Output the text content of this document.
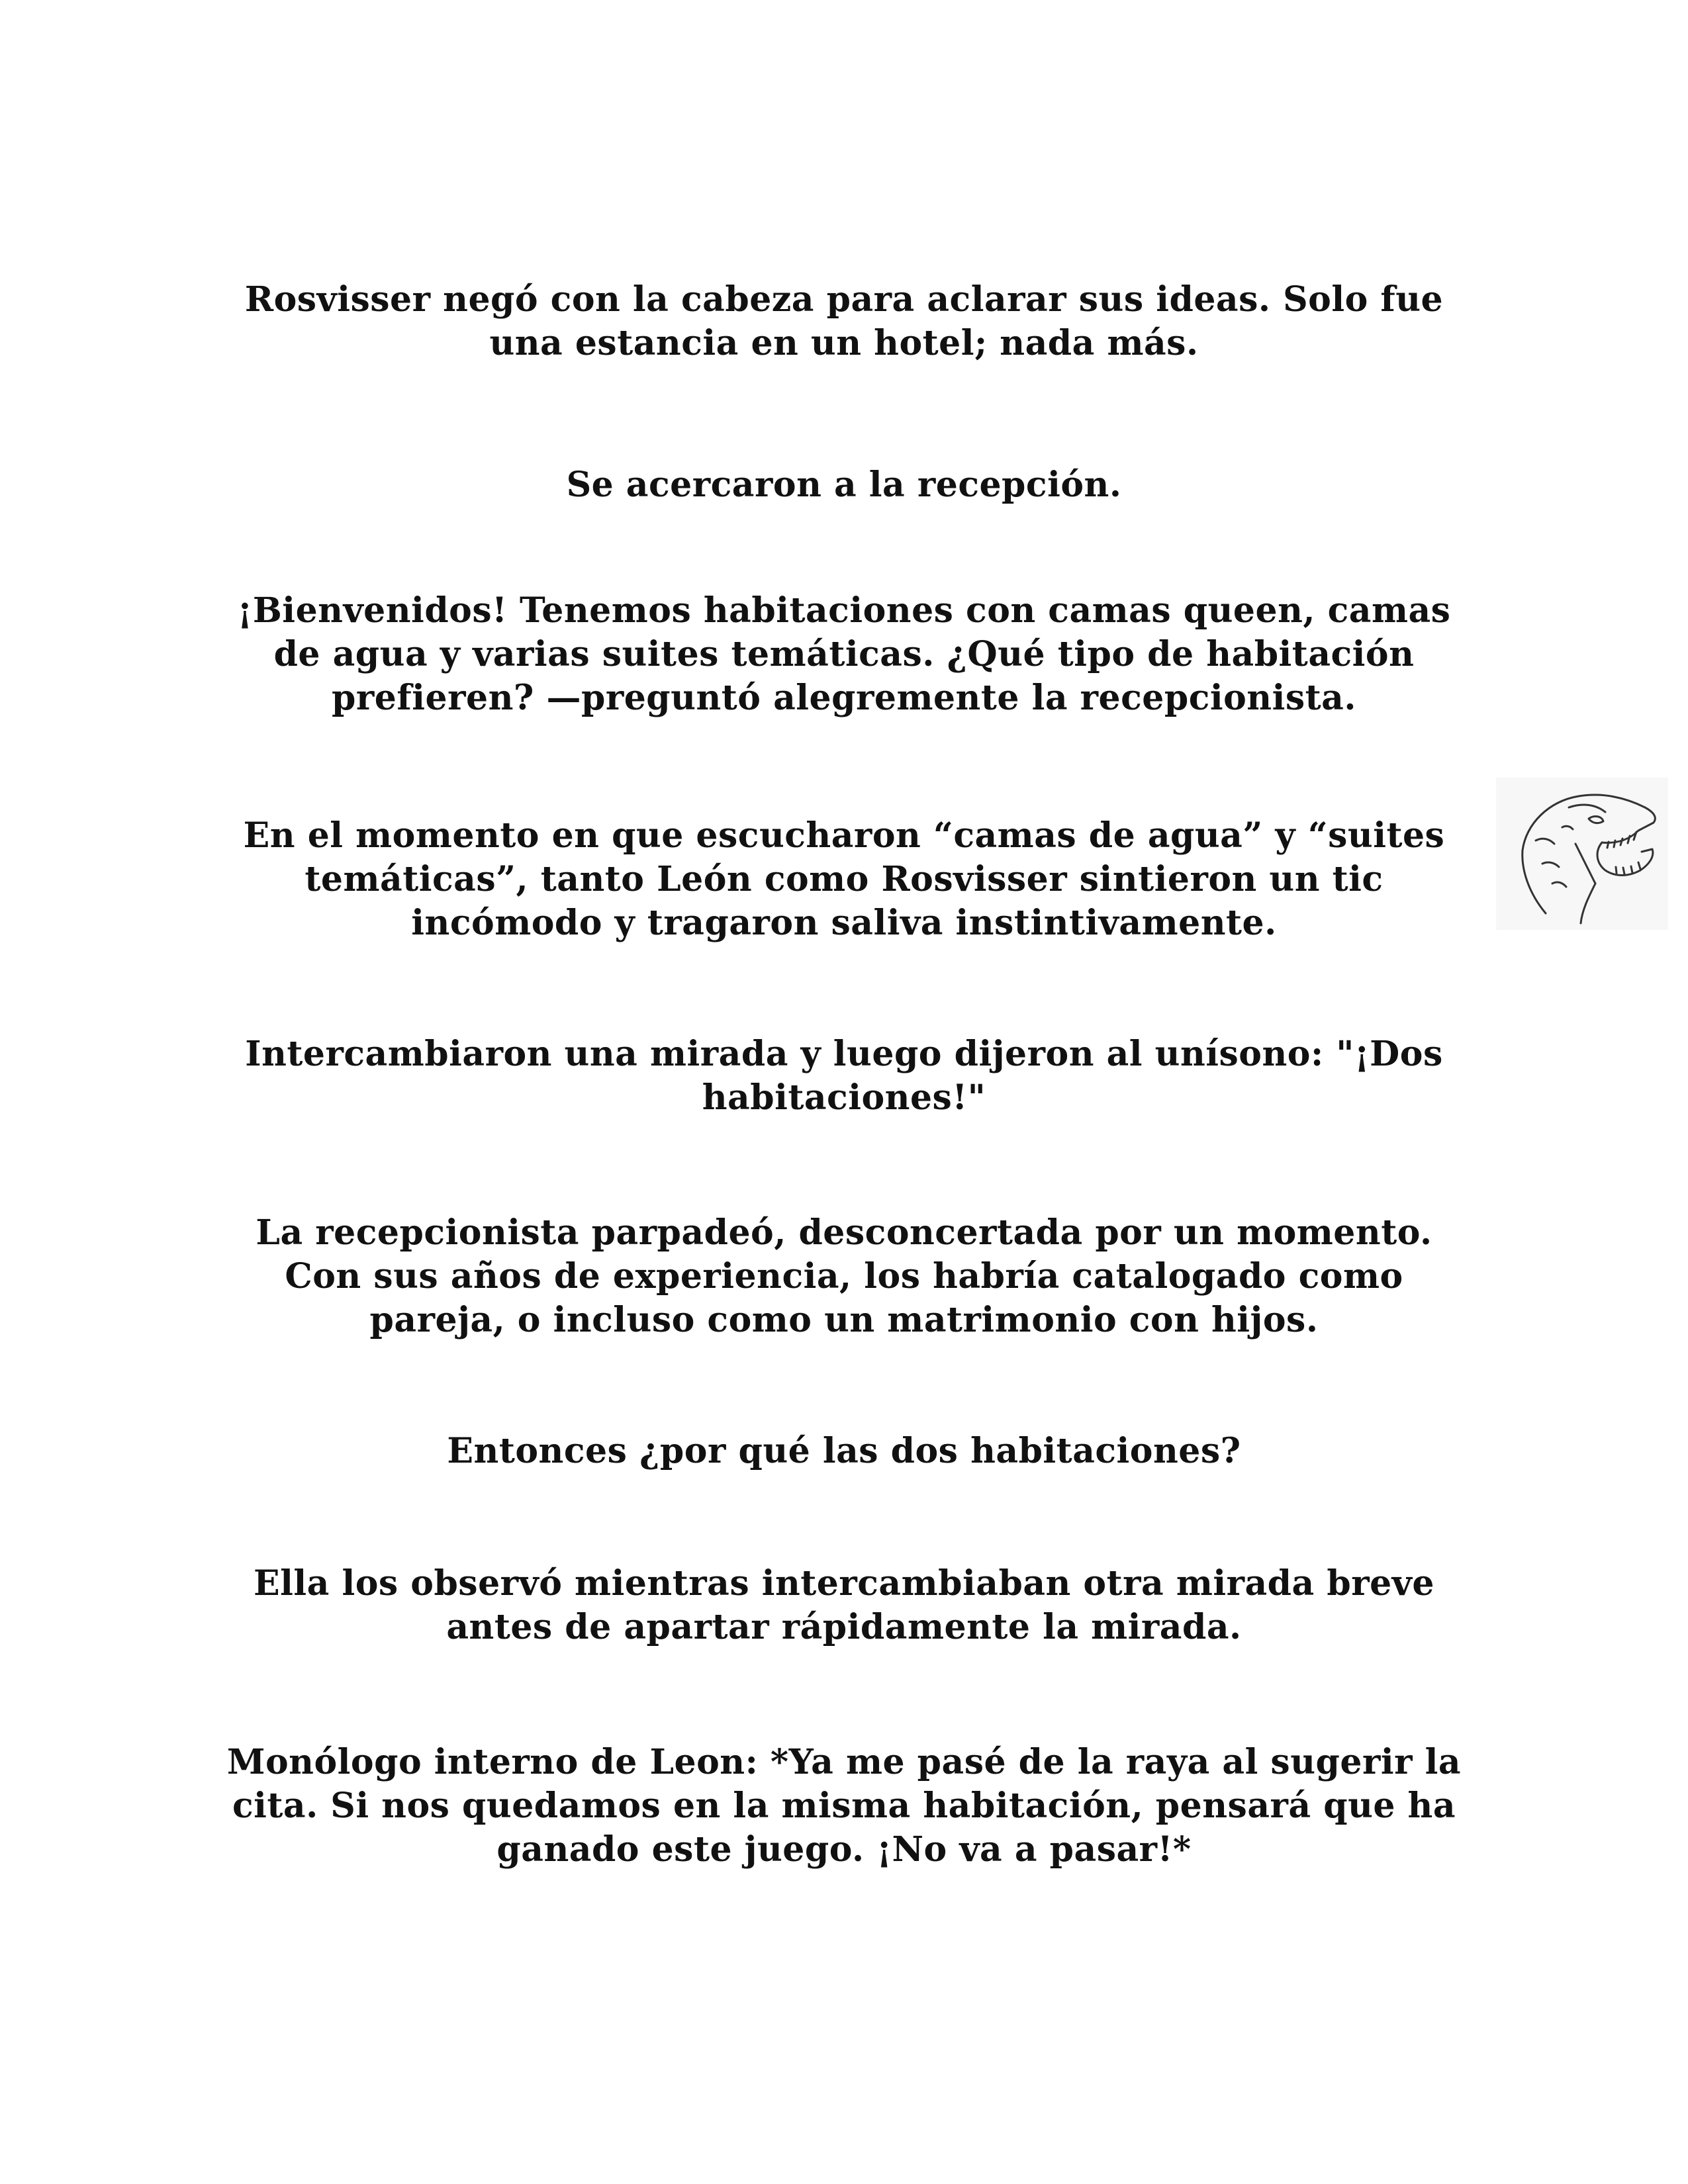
Rosvisser negó con la cabeza para aclarar sus ideas. Solo fue
una estancia en un hotel; nada más.

Se acercaron a la recepción.

¡Bienvenidos! Tenemos habitaciones con camas queen, camas
de agua y varias suites temáticas. ¿Qué tipo de habitación
prefieren? —preguntó alegremente la recepcionista.

En el momento en que escucharon “camas de agua” y “suites
temáticas”, tanto León como Rosvisser sintieron un tic
incómodo y tragaron saliva instintivamente.

Intercambiaron una mirada y luego dijeron al unísono: "¡Dos
habitaciones!"

La recepcionista parpadeó, desconcertada por un momento.
Con sus años de experiencia, los habría catalogado como
pareja, o incluso como un matrimonio con hijos.

Entonces ¿por qué las dos habitaciones?

Ella los observó mientras intercambiaban otra mirada breve
antes de apartar rápidamente la mirada.

Monólogo interno de Leon: *Ya me pasé de la raya al sugerir la
cita. Si nos quedamos en la misma habitación, pensará que ha
ganado este juego. ¡No va a pasar!*
